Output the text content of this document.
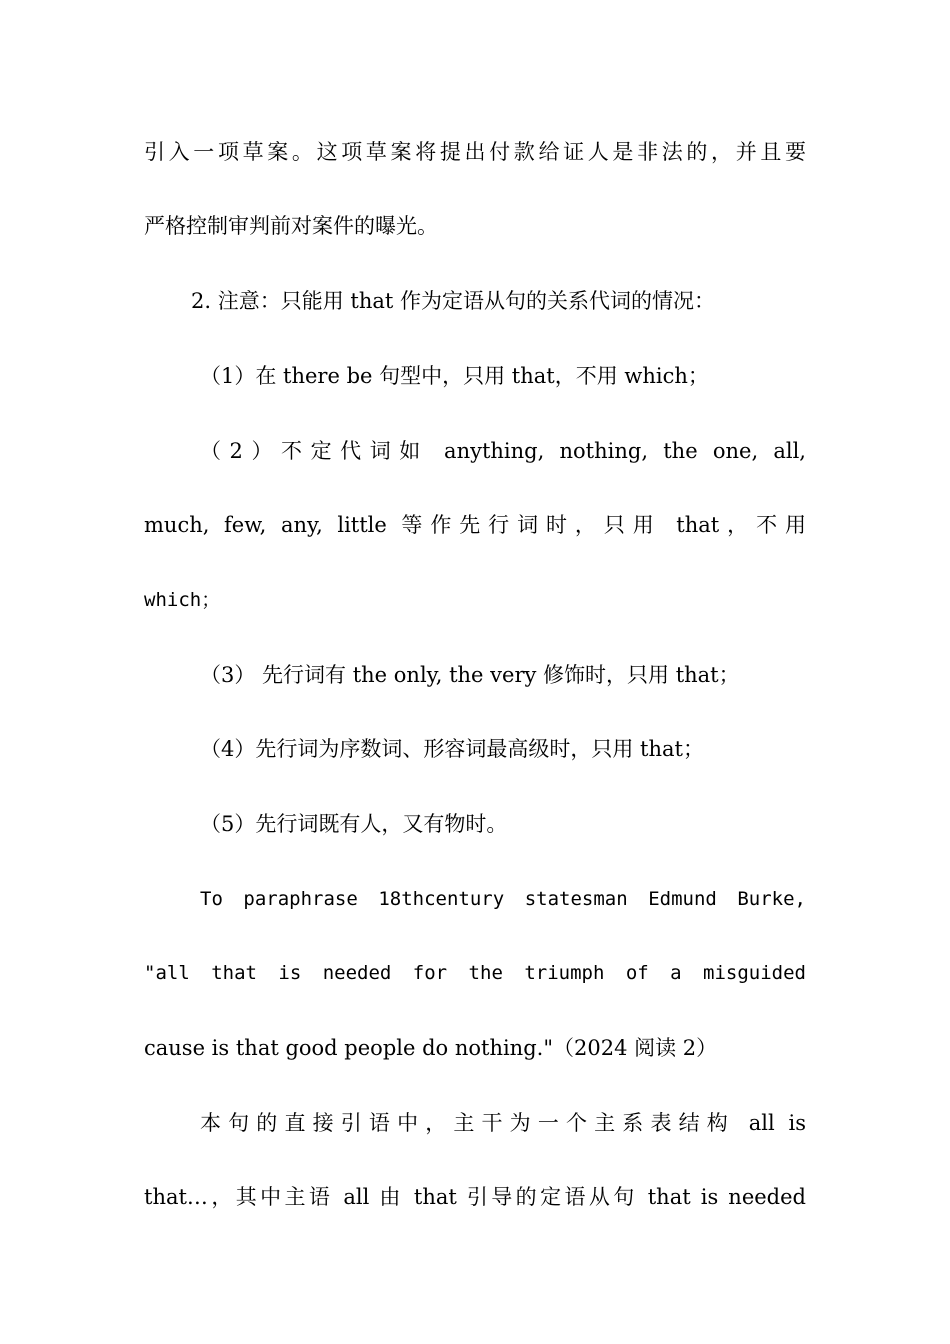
引入一项草案。这项草案将提出付款给证人是非法的，并且要
严格控制审判前对案件的曝光。
2. 注意：只能用 that 作为定语从句的关系代词的情况：
（1）在 there be 句型中，只用 that，不用 which；
（2）不定代词如 anything, nothing, the one, all,
much, few, any, little 等作先行词时，只用 that，不用
which；
（3） 先行词有 the only, the very 修饰时，只用 that；
（4）先行词为序数词、形容词最高级时，只用 that；
（5）先行词既有人，又有物时。
To paraphrase 18thcentury statesman Edmund Burke,
"all that is needed for the triumph of a misguided
cause is that good people do nothing."（2024 阅读 2）
本句的直接引语中，主干为一个主系表结构 all is
that…，其中主语 all 由 that 引导的定语从句 that is needed
